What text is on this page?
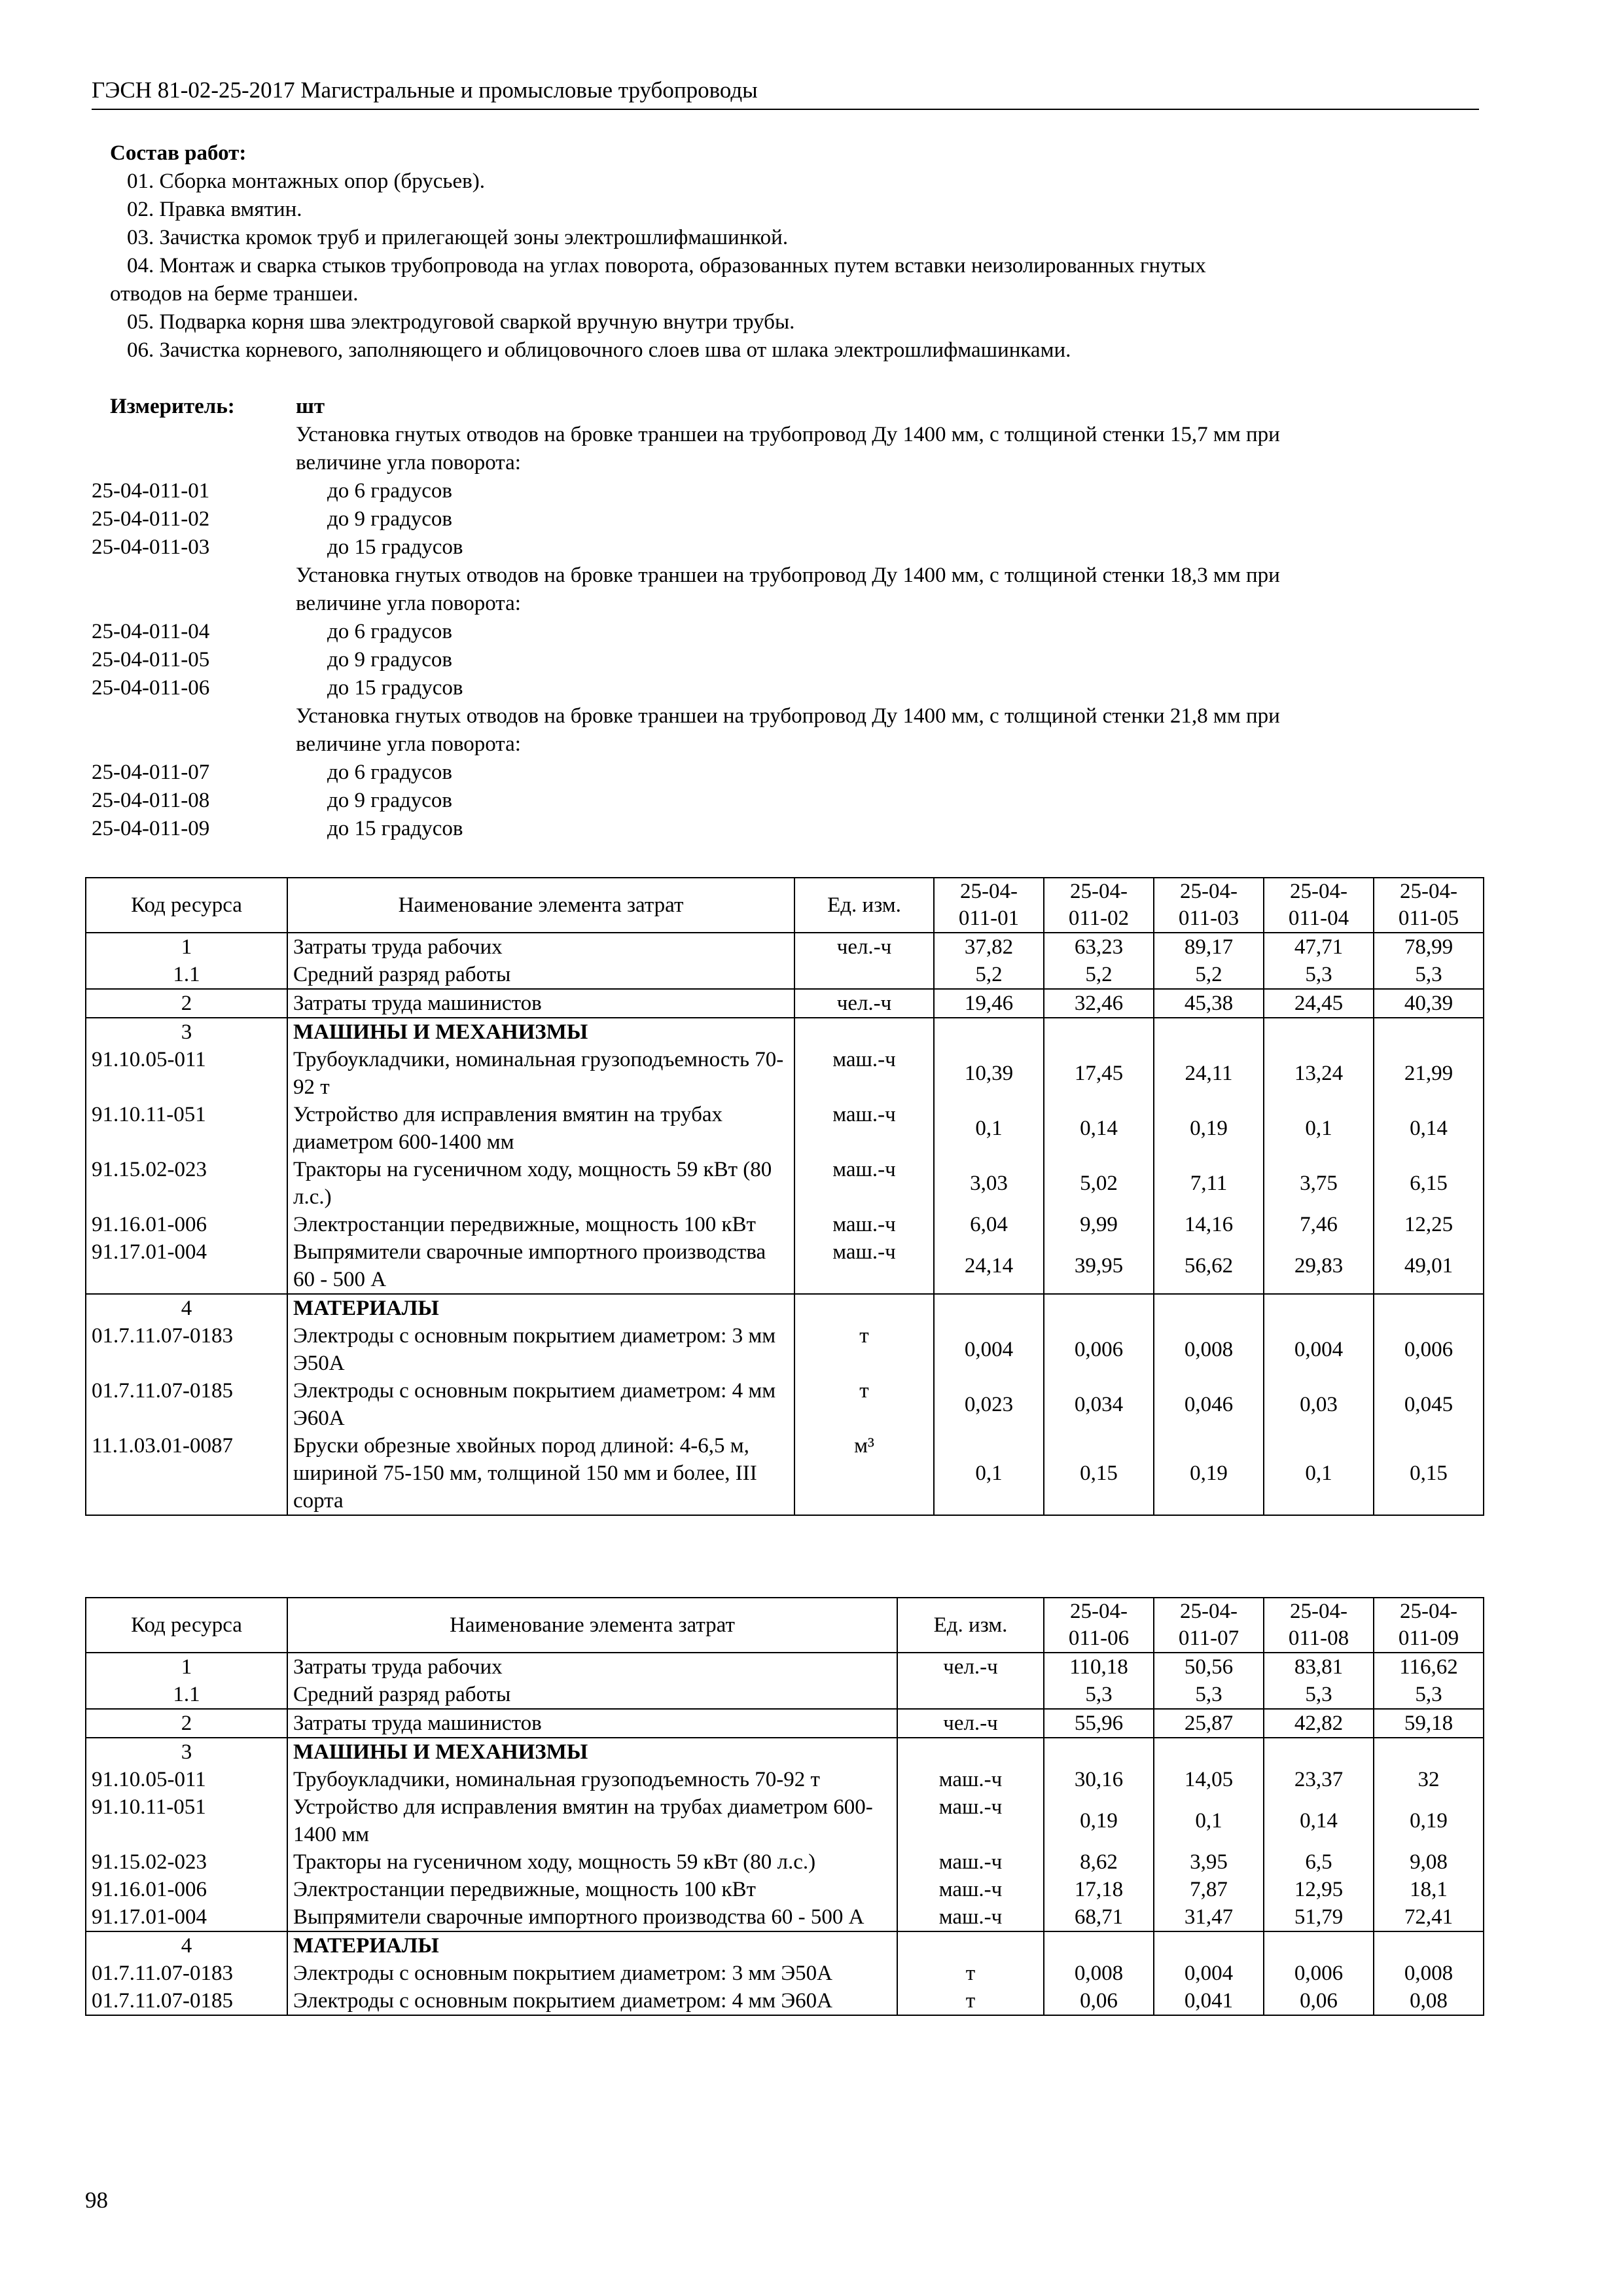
ГЭСН 81-02-25-2017 Магистральные и промысловые трубопроводы
Состав работ:
01. Сборка монтажных опор (брусьев).
02. Правка вмятин.
03. Зачистка кромок труб и прилегающей зоны электрошлифмашинкой.
04. Монтаж и сварка стыков трубопровода на углах поворота, образованных путем вставки неизолированных гнутых
отводов на берме траншеи.
05. Подварка корня шва электродуговой сваркой вручную внутри трубы.
06. Зачистка корневого, заполняющего и облицовочного слоев шва от шлака электрошлифмашинками.
Измеритель:	шт
Установка гнутых отводов на бровке траншеи на трубопровод Ду 1400 мм, с толщиной стенки 15,7 мм при
величине угла поворота:
25-04-011-01	до 6 градусов
25-04-011-02	до 9 градусов
25-04-011-03	до 15 градусов
Установка гнутых отводов на бровке траншеи на трубопровод Ду 1400 мм, с толщиной стенки 18,3 мм при
величине угла поворота:
25-04-011-04	до 6 градусов
25-04-011-05	до 9 градусов
25-04-011-06	до 15 градусов
Установка гнутых отводов на бровке траншеи на трубопровод Ду 1400 мм, с толщиной стенки 21,8 мм при
величине угла поворота:
25-04-011-07	до 6 градусов
25-04-011-08	до 9 градусов
25-04-011-09	до 15 градусов
Код ресурса	Наименование элемента затрат	Ед. изм.	25-04-
011-01	25-04-
011-02	25-04-
011-03	25-04-
011-04	25-04-
011-05
1	Затраты труда рабочих	чел.-ч	37,82	63,23	89,17	47,71	78,99
1.1	Средний разряд работы		5,2	5,2	5,2	5,3	5,3
2	Затраты труда машинистов	чел.-ч	19,46	32,46	45,38	24,45	40,39
3	МАШИНЫ И МЕХАНИЗМЫ						
91.10.05-011	Трубоукладчики, номинальная грузоподъемность 70-92 т	маш.-ч	10,39	17,45	24,11	13,24	21,99
91.10.11-051	Устройство для исправления вмятин на трубах диаметром 600-1400 мм	маш.-ч	0,1	0,14	0,19	0,1	0,14
91.15.02-023	Тракторы на гусеничном ходу, мощность 59 кВт (80 л.с.)	маш.-ч	3,03	5,02	7,11	3,75	6,15
91.16.01-006	Электростанции передвижные, мощность 100 кВт	маш.-ч	6,04	9,99	14,16	7,46	12,25
91.17.01-004	Выпрямители сварочные импортного производства 60 - 500 А	маш.-ч	24,14	39,95	56,62	29,83	49,01
4	МАТЕРИАЛЫ						
01.7.11.07-0183	Электроды с основным покрытием диаметром: 3 мм Э50А	т	0,004	0,006	0,008	0,004	0,006
01.7.11.07-0185	Электроды с основным покрытием диаметром: 4 мм Э60А	т	0,023	0,034	0,046	0,03	0,045
11.1.03.01-0087	Бруски обрезные хвойных пород длиной: 4-6,5 м, шириной 75-150 мм, толщиной 150 мм и более, III сорта	м³	0,1	0,15	0,19	0,1	0,15
Код ресурса	Наименование элемента затрат	Ед. изм.	25-04-
011-06	25-04-
011-07	25-04-
011-08	25-04-
011-09
1	Затраты труда рабочих	чел.-ч	110,18	50,56	83,81	116,62
1.1	Средний разряд работы		5,3	5,3	5,3	5,3
2	Затраты труда машинистов	чел.-ч	55,96	25,87	42,82	59,18
3	МАШИНЫ И МЕХАНИЗМЫ					
91.10.05-011	Трубоукладчики, номинальная грузоподъемность 70-92 т	маш.-ч	30,16	14,05	23,37	32
91.10.11-051	Устройство для исправления вмятин на трубах диаметром 600-1400 мм	маш.-ч	0,19	0,1	0,14	0,19
91.15.02-023	Тракторы на гусеничном ходу, мощность 59 кВт (80 л.с.)	маш.-ч	8,62	3,95	6,5	9,08
91.16.01-006	Электростанции передвижные, мощность 100 кВт	маш.-ч	17,18	7,87	12,95	18,1
91.17.01-004	Выпрямители сварочные импортного производства 60 - 500 А	маш.-ч	68,71	31,47	51,79	72,41
4	МАТЕРИАЛЫ					
01.7.11.07-0183	Электроды с основным покрытием диаметром: 3 мм Э50А	т	0,008	0,004	0,006	0,008
01.7.11.07-0185	Электроды с основным покрытием диаметром: 4 мм Э60А	т	0,06	0,041	0,06	0,08
98
